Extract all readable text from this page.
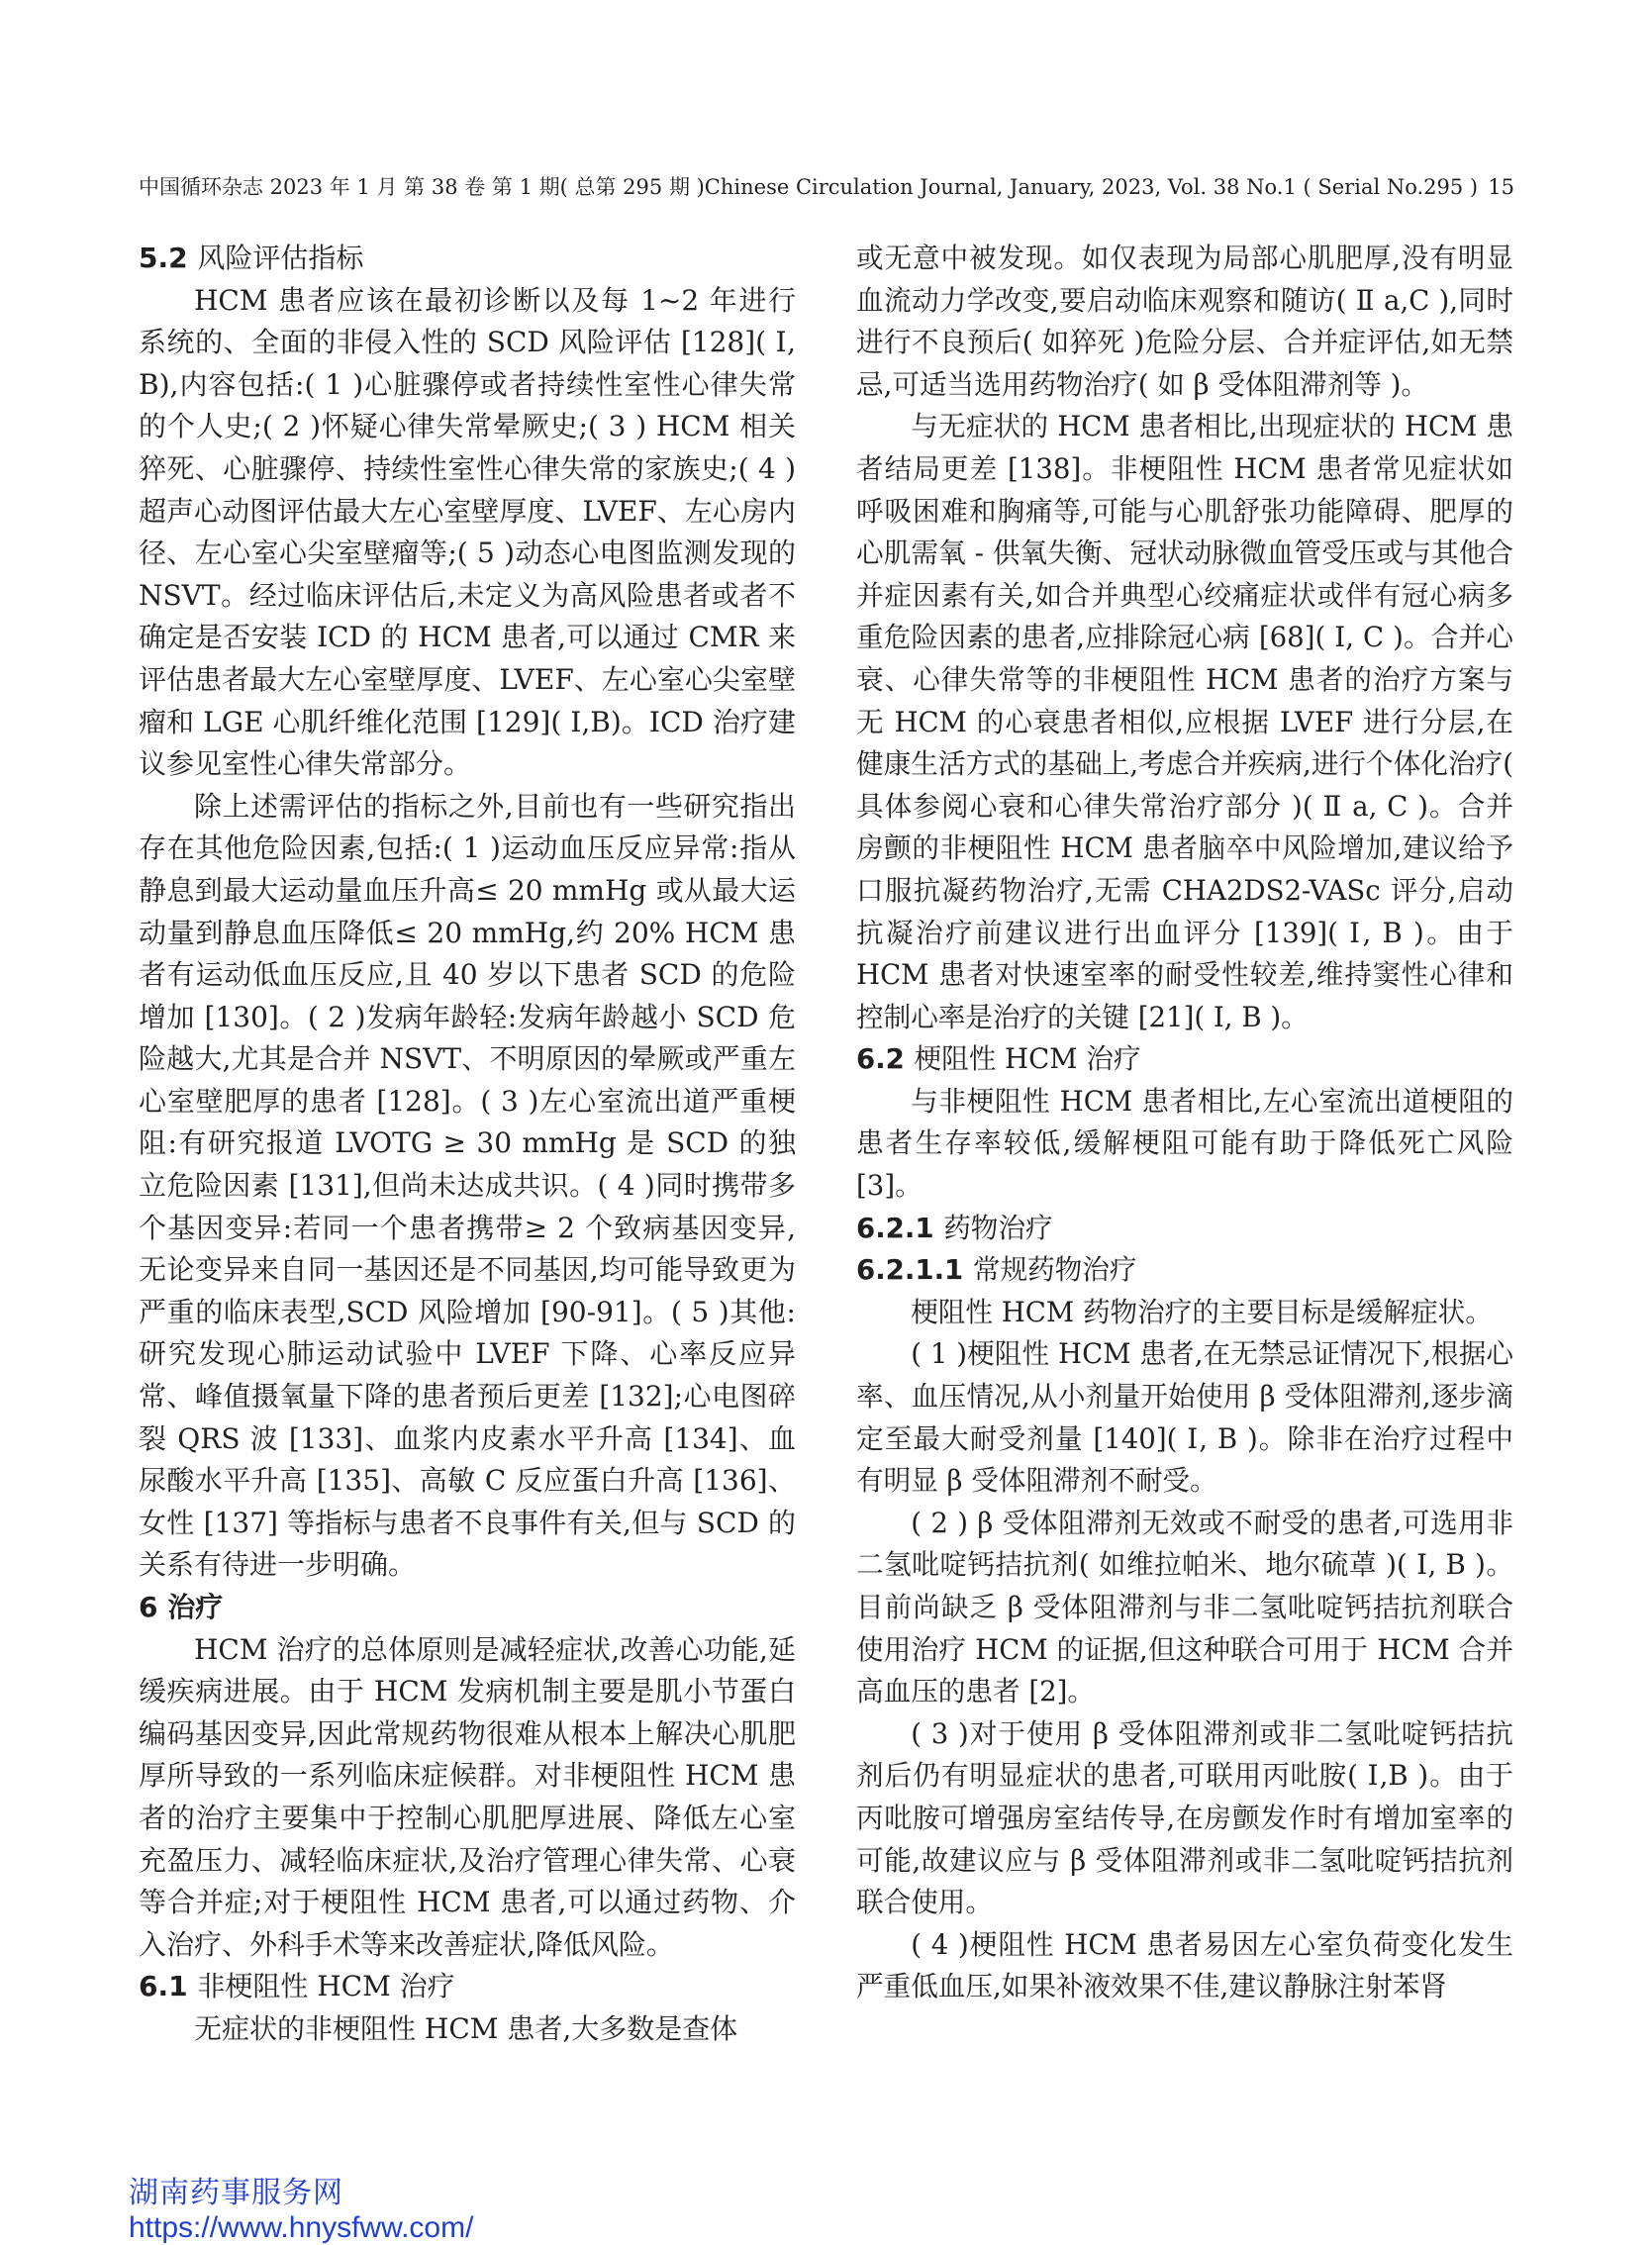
中国循环杂志 2023 年 1 月 第 38 卷 第 1 期( 总第 295 期 )Chinese Circulation Journal, January, 2023, Vol. 38 No.1 ( Serial No.295 ) 15
5.2 风险评估指标

HCM 患者应该在最初诊断以及每 1~2 年进行系统的、全面的非侵入性的 SCD 风险评估 [128]( Ⅰ, B),内容包括:( 1 )心脏骤停或者持续性室性心律失常的个人史;( 2 )怀疑心律失常晕厥史;( 3 ) HCM 相关猝死、心脏骤停、持续性室性心律失常的家族史;( 4 )超声心动图评估最大左心室壁厚度、LVEF、左心房内径、左心室心尖室壁瘤等;( 5 )动态心电图监测发现的 NSVT。经过临床评估后,未定义为高风险患者或者不确定是否安装 ICD 的 HCM 患者,可以通过 CMR 来评估患者最大左心室壁厚度、LVEF、左心室心尖室壁瘤和 LGE 心肌纤维化范围 [129]( Ⅰ,B)。ICD 治疗建议参见室性心律失常部分。

除上述需评估的指标之外,目前也有一些研究指出存在其他危险因素,包括:( 1 )运动血压反应异常:指从静息到最大运动量血压升高≤ 20 mmHg 或从最大运动量到静息血压降低≤ 20 mmHg,约 20% HCM 患者有运动低血压反应,且 40 岁以下患者 SCD 的危险增加 [130]。( 2 )发病年龄轻:发病年龄越小 SCD 危险越大,尤其是合并 NSVT、不明原因的晕厥或严重左心室壁肥厚的患者 [128]。( 3 )左心室流出道严重梗阻:有研究报道 LVOTG ≥ 30 mmHg 是 SCD 的独立危险因素 [131],但尚未达成共识。( 4 )同时携带多个基因变异:若同一个患者携带≥ 2 个致病基因变异,无论变异来自同一基因还是不同基因,均可能导致更为严重的临床表型,SCD 风险增加 [90-91]。( 5 )其他:研究发现心肺运动试验中 LVEF 下降、心率反应异常、峰值摄氧量下降的患者预后更差 [132];心电图碎裂 QRS 波 [133]、血浆内皮素水平升高 [134]、血尿酸水平升高 [135]、高敏 C 反应蛋白升高 [136]、女性 [137] 等指标与患者不良事件有关,但与 SCD 的关系有待进一步明确。

6 治疗

HCM 治疗的总体原则是减轻症状,改善心功能,延缓疾病进展。由于 HCM 发病机制主要是肌小节蛋白编码基因变异,因此常规药物很难从根本上解决心肌肥厚所导致的一系列临床症候群。对非梗阻性 HCM 患者的治疗主要集中于控制心肌肥厚进展、降低左心室充盈压力、减轻临床症状,及治疗管理心律失常、心衰等合并症;对于梗阻性 HCM 患者,可以通过药物、介入治疗、外科手术等来改善症状,降低风险。

6.1 非梗阻性 HCM 治疗

无症状的非梗阻性 HCM 患者,大多数是查体

或无意中被发现。如仅表现为局部心肌肥厚,没有明显血流动力学改变,要启动临床观察和随访( Ⅱ a,C ),同时进行不良预后( 如猝死 )危险分层、合并症评估,如无禁忌,可适当选用药物治疗( 如 β 受体阻滞剂等 )。

与无症状的 HCM 患者相比,出现症状的 HCM 患者结局更差 [138]。非梗阻性 HCM 患者常见症状如呼吸困难和胸痛等,可能与心肌舒张功能障碍、肥厚的心肌需氧 - 供氧失衡、冠状动脉微血管受压或与其他合并症因素有关,如合并典型心绞痛症状或伴有冠心病多重危险因素的患者,应排除冠心病 [68]( Ⅰ, C )。合并心衰、心律失常等的非梗阻性 HCM 患者的治疗方案与无 HCM 的心衰患者相似,应根据 LVEF 进行分层,在健康生活方式的基础上,考虑合并疾病,进行个体化治疗( 具体参阅心衰和心律失常治疗部分 )( Ⅱ a, C )。合并房颤的非梗阻性 HCM 患者脑卒中风险增加,建议给予口服抗凝药物治疗,无需 CHA2DS2-VASc 评分,启动抗凝治疗前建议进行出血评分 [139]( Ⅰ, B )。由于 HCM 患者对快速室率的耐受性较差,维持窦性心律和控制心率是治疗的关键 [21]( Ⅰ, B )。

6.2 梗阻性 HCM 治疗

与非梗阻性 HCM 患者相比,左心室流出道梗阻的患者生存率较低,缓解梗阻可能有助于降低死亡风险 [3]。

6.2.1 药物治疗
6.2.1.1 常规药物治疗

梗阻性 HCM 药物治疗的主要目标是缓解症状。

( 1 )梗阻性 HCM 患者,在无禁忌证情况下,根据心率、血压情况,从小剂量开始使用 β 受体阻滞剂,逐步滴定至最大耐受剂量 [140]( Ⅰ, B )。除非在治疗过程中有明显 β 受体阻滞剂不耐受。

( 2 ) β 受体阻滞剂无效或不耐受的患者,可选用非二氢吡啶钙拮抗剂( 如维拉帕米、地尔硫䓬 )( Ⅰ, B )。目前尚缺乏 β 受体阻滞剂与非二氢吡啶钙拮抗剂联合使用治疗 HCM 的证据,但这种联合可用于 HCM 合并高血压的患者 [2]。

( 3 )对于使用 β 受体阻滞剂或非二氢吡啶钙拮抗剂后仍有明显症状的患者,可联用丙吡胺( Ⅰ,B )。由于丙吡胺可增强房室结传导,在房颤发作时有增加室率的可能,故建议应与 β 受体阻滞剂或非二氢吡啶钙拮抗剂联合使用。

( 4 )梗阻性 HCM 患者易因左心室负荷变化发生严重低血压,如果补液效果不佳,建议静脉注射苯肾

湖南药事服务网
https://www.hnysfww.com/
